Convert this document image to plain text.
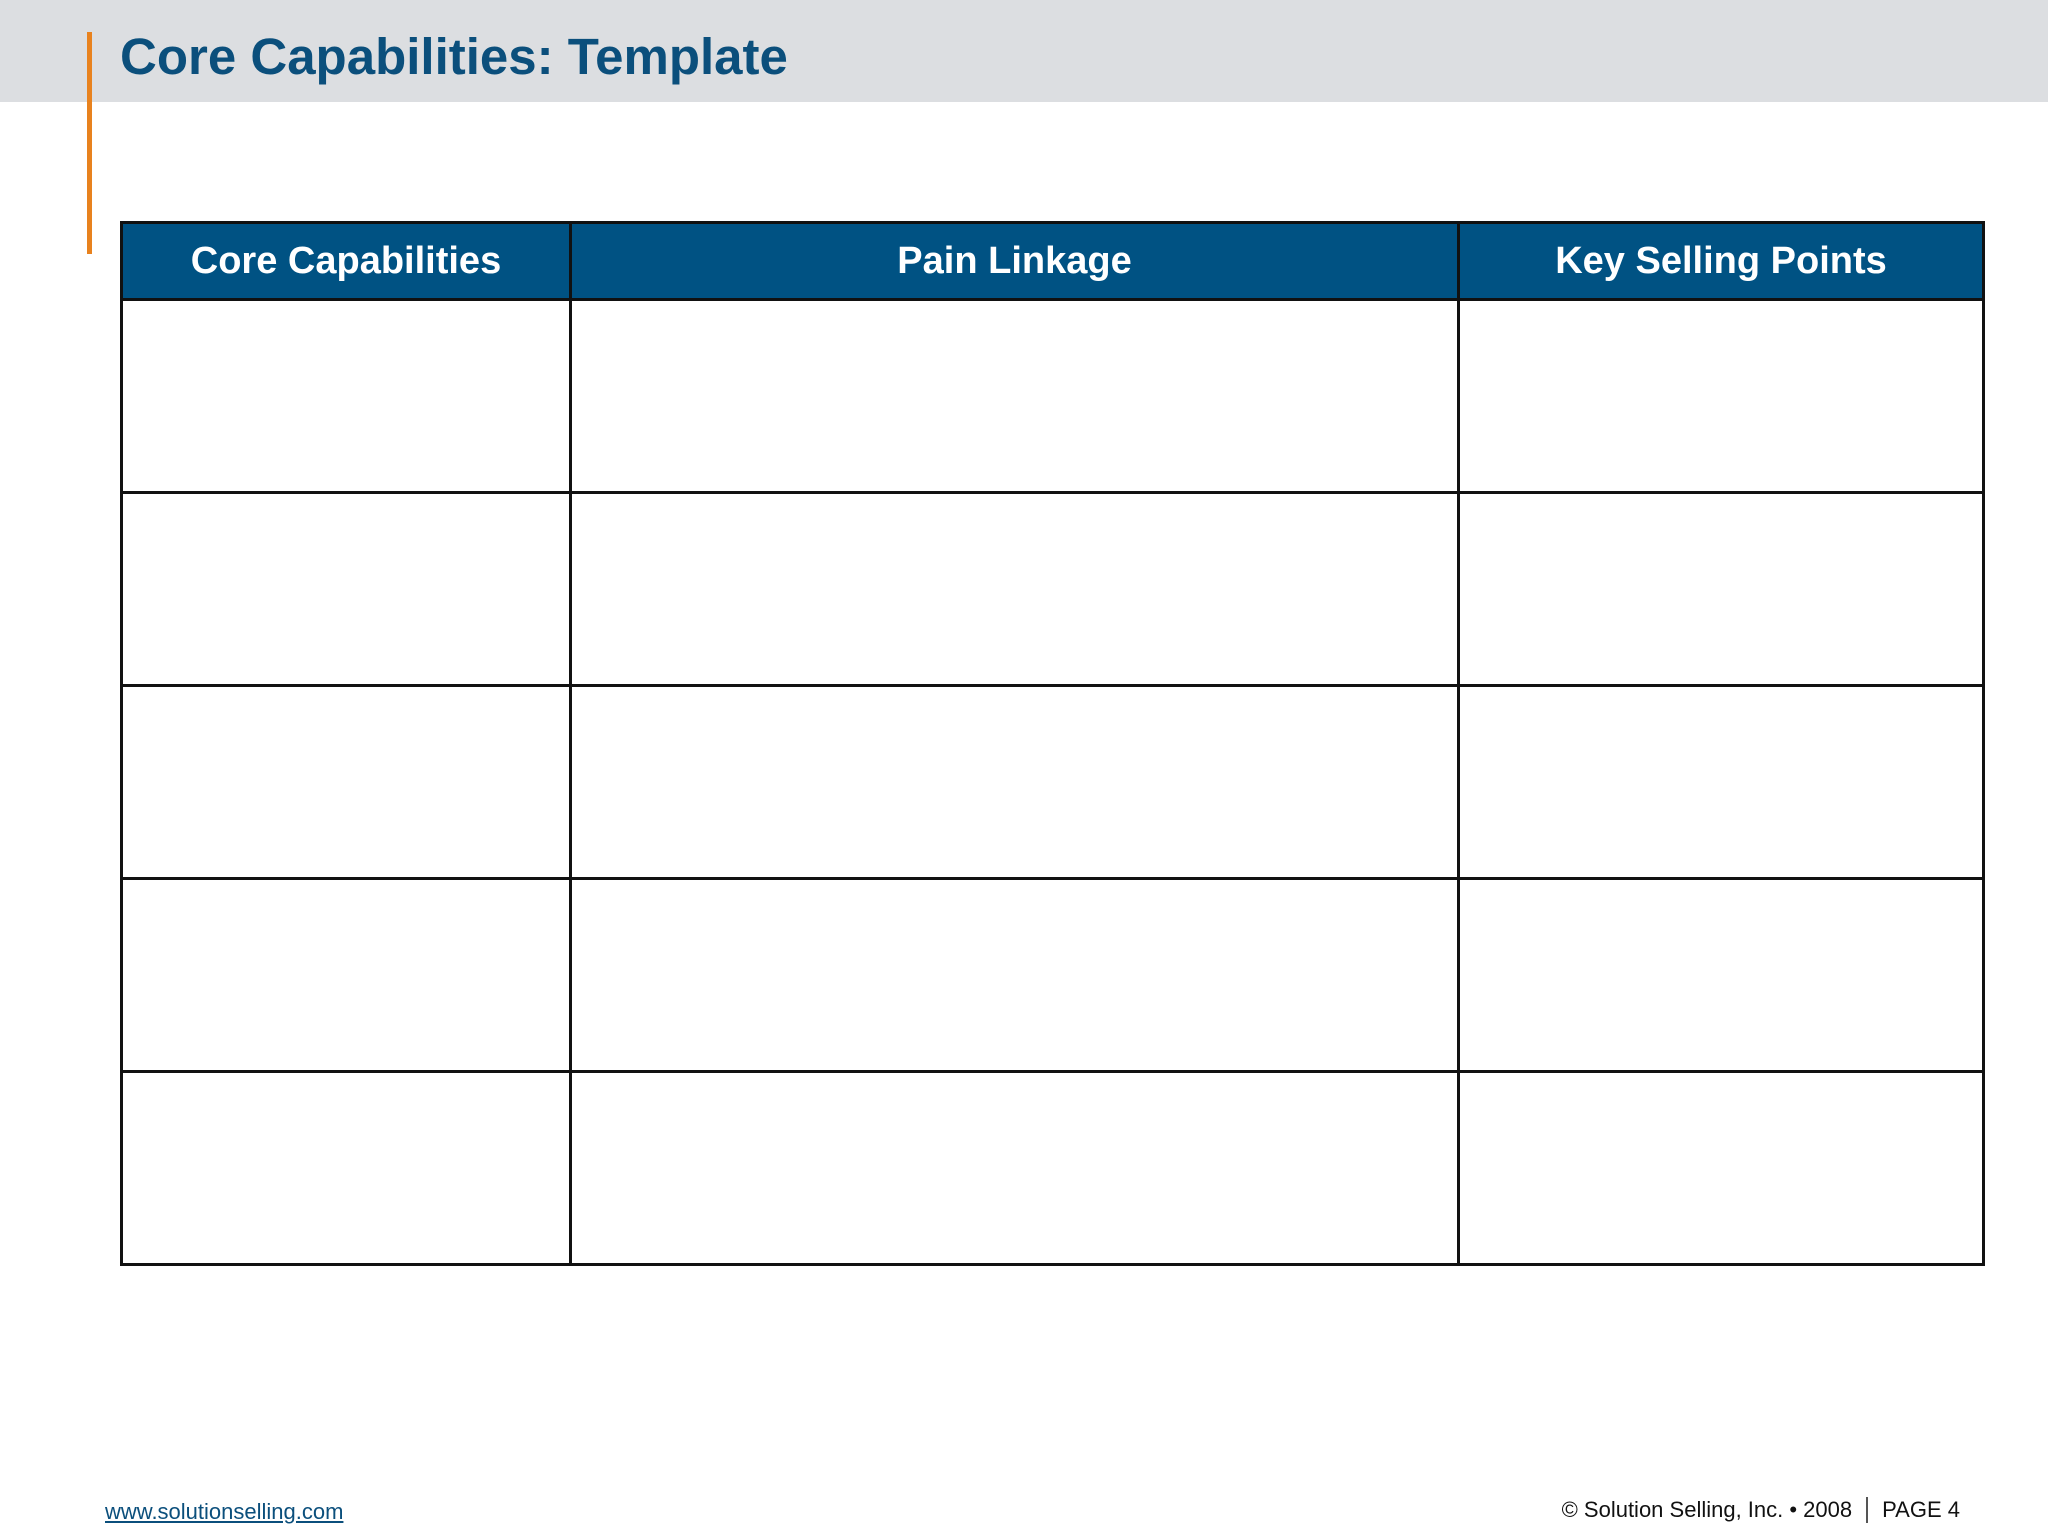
Core Capabilities: Template
Core Capabilities	Pain Linkage	Key Selling Points

www.solutionselling.com	© Solution Selling, Inc. • 2008 PAGE 4
